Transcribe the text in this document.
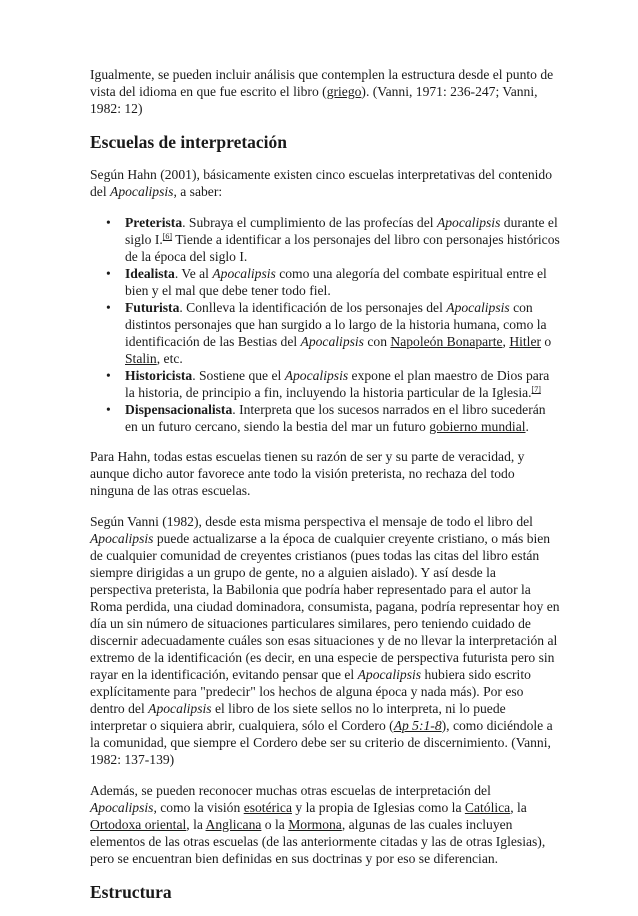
Igualmente, se pueden incluir análisis que contemplen la estructura desde el punto de vista del idioma en que fue escrito el libro (griego). (Vanni, 1971: 236-247; Vanni, 1982: 12)

Escuelas de interpretación

Según Hahn (2001), básicamente existen cinco escuelas interpretativas del contenido del Apocalipsis, a saber:

• Preterista. Subraya el cumplimiento de las profecías del Apocalipsis durante el siglo I.[6] Tiende a identificar a los personajes del libro con personajes históricos de la época del siglo I.
• Idealista. Ve al Apocalipsis como una alegoría del combate espiritual entre el bien y el mal que debe tener todo fiel.
• Futurista. Conlleva la identificación de los personajes del Apocalipsis con distintos personajes que han surgido a lo largo de la historia humana, como la identificación de las Bestias del Apocalipsis con Napoleón Bonaparte, Hitler o Stalin, etc.
• Historicista. Sostiene que el Apocalipsis expone el plan maestro de Dios para la historia, de principio a fin, incluyendo la historia particular de la Iglesia.[7]
• Dispensacionalista. Interpreta que los sucesos narrados en el libro sucederán en un futuro cercano, siendo la bestia del mar un futuro gobierno mundial.

Para Hahn, todas estas escuelas tienen su razón de ser y su parte de veracidad, y aunque dicho autor favorece ante todo la visión preterista, no rechaza del todo ninguna de las otras escuelas.

Según Vanni (1982), desde esta misma perspectiva el mensaje de todo el libro del Apocalipsis puede actualizarse a la época de cualquier creyente cristiano, o más bien de cualquier comunidad de creyentes cristianos (pues todas las citas del libro están siempre dirigidas a un grupo de gente, no a alguien aislado). Y así desde la perspectiva preterista, la Babilonia que podría haber representado para el autor la Roma perdida, una ciudad dominadora, consumista, pagana, podría representar hoy en día un sin número de situaciones particulares similares, pero teniendo cuidado de discernir adecuadamente cuáles son esas situaciones y de no llevar la interpretación al extremo de la identificación (es decir, en una especie de perspectiva futurista pero sin rayar en la identificación, evitando pensar que el Apocalipsis hubiera sido escrito explícitamente para "predecir" los hechos de alguna época y nada más). Por eso dentro del Apocalipsis el libro de los siete sellos no lo interpreta, ni lo puede interpretar o siquiera abrir, cualquiera, sólo el Cordero (Ap 5:1-8), como diciéndole a la comunidad, que siempre el Cordero debe ser su criterio de discernimiento. (Vanni, 1982: 137-139)

Además, se pueden reconocer muchas otras escuelas de interpretación del Apocalipsis, como la visión esotérica y la propia de Iglesias como la Católica, la Ortodoxa oriental, la Anglicana o la Mormona, algunas de las cuales incluyen elementos de las otras escuelas (de las anteriormente citadas y las de otras Iglesias), pero se encuentran bien definidas en sus doctrinas y por eso se diferencian.

Estructura
